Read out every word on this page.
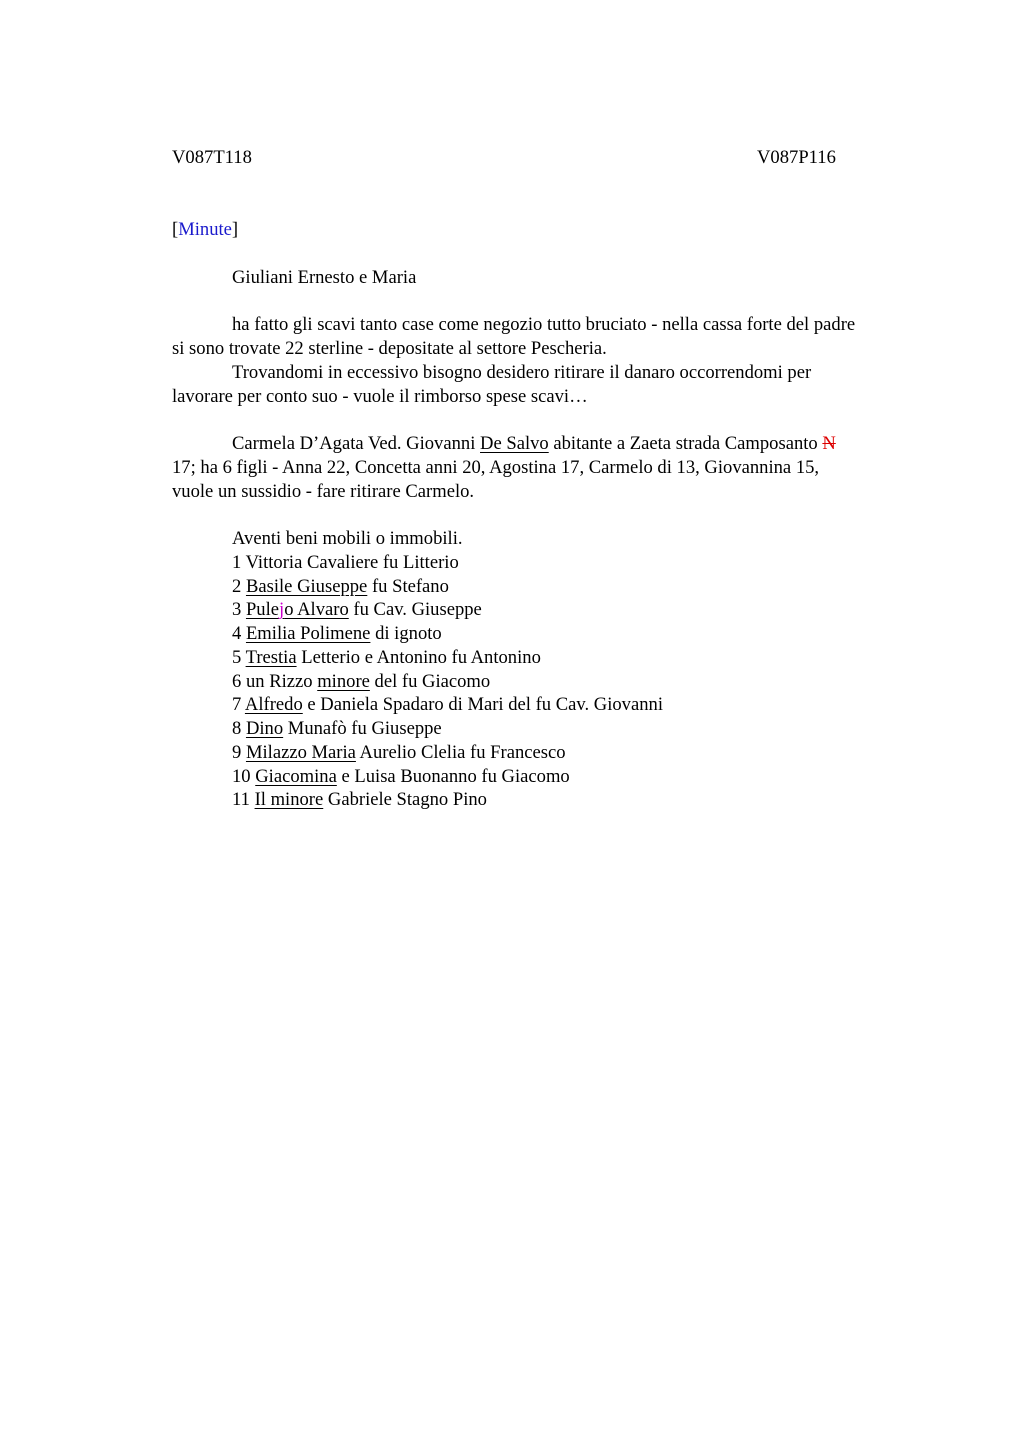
V087T118	V087P116
[Minute]
Giuliani Ernesto e Maria
ha fatto gli scavi tanto case come negozio tutto bruciato - nella cassa forte del padre
si sono trovate 22 sterline - depositate al settore Pescheria.
Trovandomi in eccessivo bisogno desidero ritirare il danaro occorrendomi per
lavorare per conto suo - vuole il rimborso spese scavi…
Carmela D’Agata Ved. Giovanni De Salvo abitante a Zaeta strada Camposanto N
17; ha 6 figli - Anna 22, Concetta anni 20, Agostina 17, Carmelo di 13, Giovannina 15,
vuole un sussidio - fare ritirare Carmelo.
Aventi beni mobili o immobili.
1 Vittoria Cavaliere fu Litterio
2 Basile Giuseppe fu Stefano
3 Pulejo Alvaro fu Cav. Giuseppe
4 Emilia Polimene di ignoto
5 Trestia Letterio e Antonino fu Antonino
6 un Rizzo minore del fu Giacomo
7 Alfredo e Daniela Spadaro di Mari del fu Cav. Giovanni
8 Dino Munafò fu Giuseppe
9 Milazzo Maria Aurelio Clelia fu Francesco
10 Giacomina e Luisa Buonanno fu Giacomo
11 Il minore Gabriele Stagno Pino
